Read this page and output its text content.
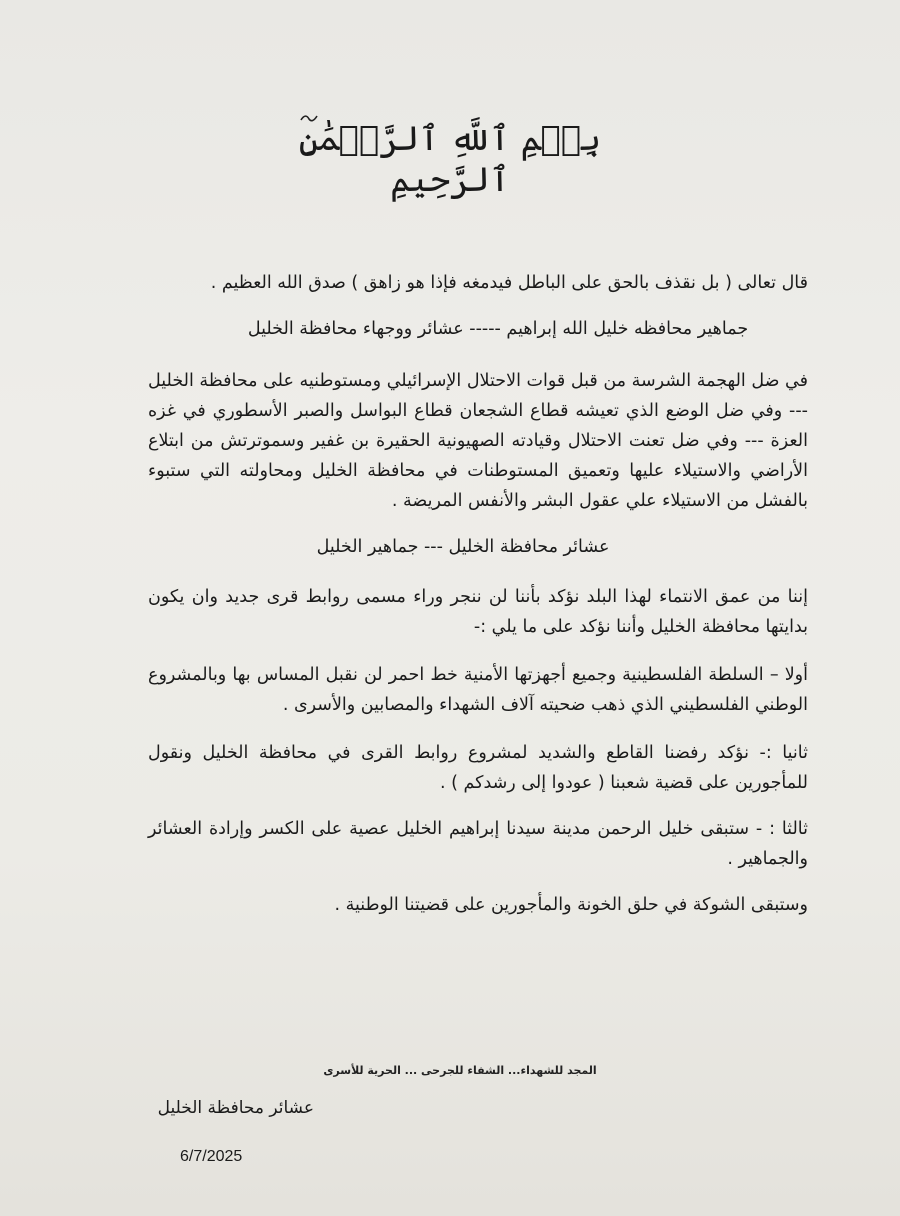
بِسۡمِ ٱللَّهِ ٱلرَّحۡمَٰنِ ٱلرَّحِيمِ

قال تعالى ( بل نقذف بالحق على الباطل فيدمغه فإذا هو زاهق ) صدق الله العظيم .

جماهير محافظه خليل الله إبراهيم ----- عشائر ووجهاء محافظة الخليل

في ضل الهجمة الشرسة من قبل قوات الاحتلال الإسرائيلي ومستوطنيه على محافظة الخليل --- وفي ضل الوضع الذي تعيشه قطاع الشجعان قطاع البواسل والصبر الأسطوري في غزه العزة --- وفي ضل تعنت الاحتلال وقيادته الصهيونية الحقيرة بن غفير وسموترتش من ابتلاع الأراضي والاستيلاء عليها وتعميق المستوطنات في محافظة الخليل ومحاولته التي ستبوء بالفشل من الاستيلاء علي عقول البشر والأنفس المريضة .

عشائر محافظة الخليل --- جماهير الخليل

إننا من عمق الانتماء لهذا البلد نؤكد بأننا لن ننجر وراء مسمى روابط قرى جديد وان يكون بدايتها محافظة الخليل وأننا نؤكد على ما يلي :-

أولا – السلطة الفلسطينية وجميع أجهزتها الأمنية خط احمر لن نقبل المساس بها وبالمشروع الوطني الفلسطيني الذي ذهب ضحيته آلاف الشهداء والمصابين والأسرى .

ثانيا :- نؤكد رفضنا القاطع والشديد لمشروع روابط القرى في محافظة الخليل ونقول للمأجورين على قضية شعبنا ( عودوا إلى رشدكم ) .

ثالثا : - ستبقى خليل الرحمن مدينة سيدنا إبراهيم الخليل عصية على الكسر وإرادة العشائر والجماهير .

وستبقى الشوكة في حلق الخونة والمأجورين على قضيتنا الوطنية .

المجد للشهداء... الشفاء للجرحى ... الحرية للأسرى
عشائر محافظة الخليل
6/7/2025
